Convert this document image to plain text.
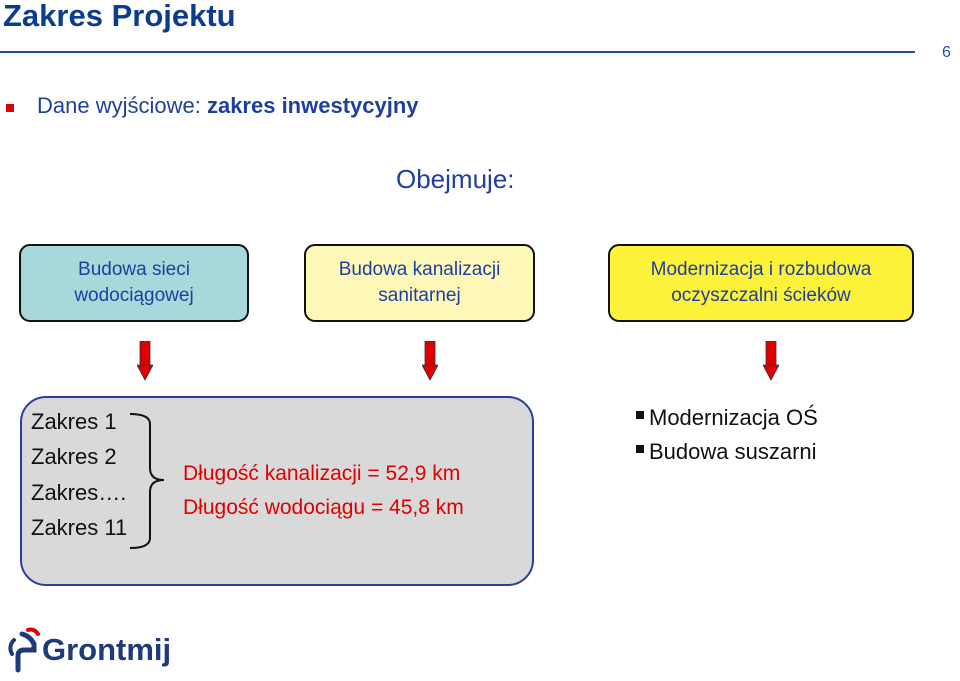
Zakres Projektu
6
Dane wyjściowe: zakres inwestycyjny
Obejmuje:
Budowa sieci
wodociągowej
Budowa kanalizacji
sanitarnej
Modernizacja i rozbudowa
oczyszczalni ścieków
Zakres 1
Zakres 2
Zakres….
Zakres 11
Długość kanalizacji = 52,9 km
Długość wodociągu = 45,8 km
Modernizacja OŚ
Budowa suszarni
Grontmij
